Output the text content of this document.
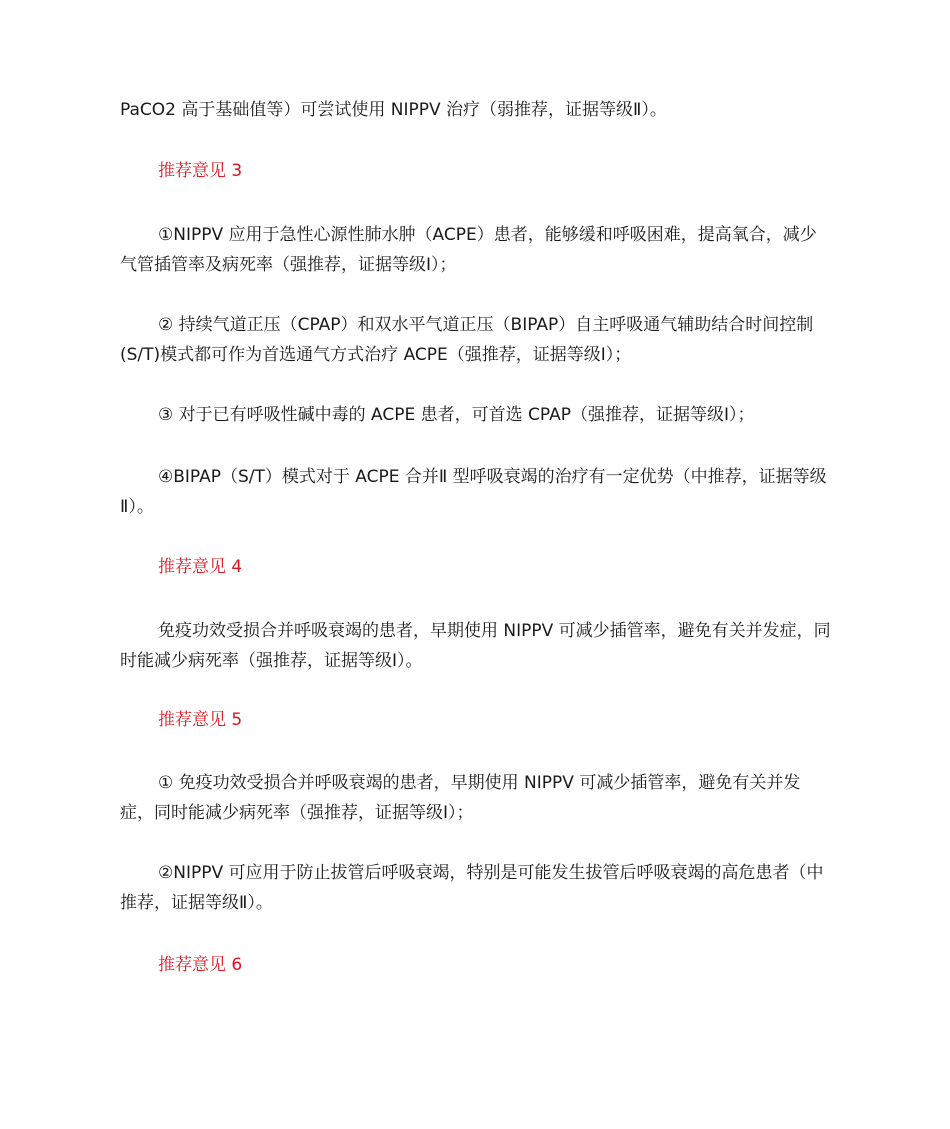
PaCO2 高于基础值等）可尝试使用 NIPPV 治疗（弱推荐，证据等级Ⅱ）。
推荐意见 3
①NIPPV 应用于急性心源性肺水肿（ACPE）患者，能够缓和呼吸困难，提高氧合，减少气管插管率及病死率（强推荐，证据等级Ⅰ）；
② 持续气道正压（CPAP）和双水平气道正压（BIPAP）自主呼吸通气辅助结合时间控制(S/T)模式都可作为首选通气方式治疗 ACPE（强推荐，证据等级Ⅰ）；
③ 对于已有呼吸性碱中毒的 ACPE 患者，可首选 CPAP（强推荐，证据等级Ⅰ）；
④BIPAP（S/T）模式对于 ACPE 合并Ⅱ 型呼吸衰竭的治疗有一定优势（中推荐，证据等级Ⅱ）。
推荐意见 4
免疫功效受损合并呼吸衰竭的患者，早期使用 NIPPV 可减少插管率，避免有关并发症，同时能减少病死率（强推荐，证据等级Ⅰ）。
推荐意见 5
① 免疫功效受损合并呼吸衰竭的患者，早期使用 NIPPV 可减少插管率，避免有关并发症，同时能减少病死率（强推荐，证据等级Ⅰ）；
②NIPPV 可应用于防止拔管后呼吸衰竭，特别是可能发生拔管后呼吸衰竭的高危患者（中推荐，证据等级Ⅱ）。
推荐意见 6
